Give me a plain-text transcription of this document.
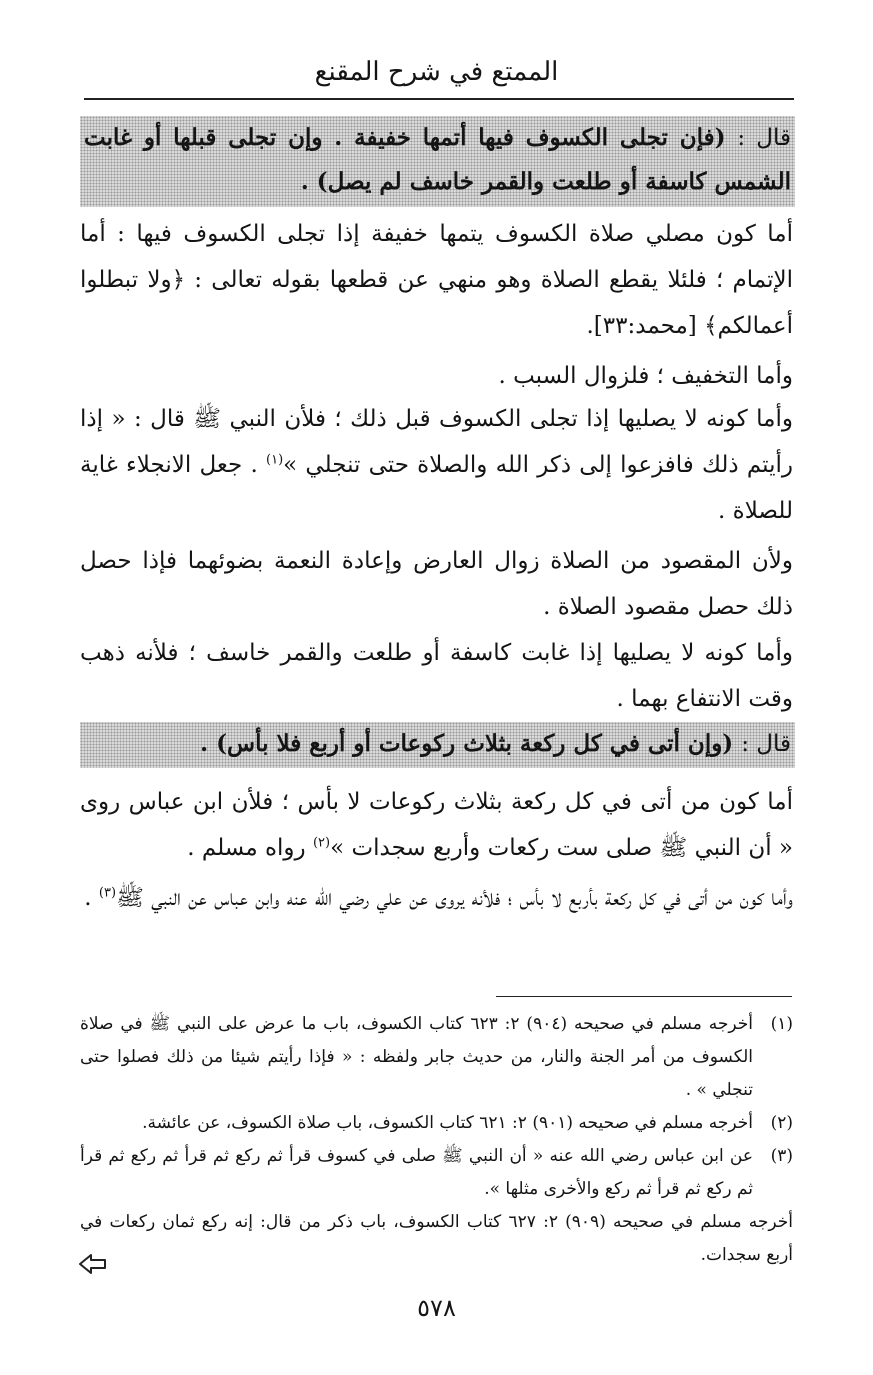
الممتع في شرح المقنع
قال : (فإن تجلى الكسوف فيها أتمها خفيفة . وإن تجلى قبلها أو غابت الشمس كاسفة أو طلعت والقمر خاسف لم يصل) .

أما كون مصلي صلاة الكسوف يتمها خفيفة إذا تجلى الكسوف فيها : أما الإتمام ؛ فلئلا يقطع الصلاة وهو منهي عن قطعها بقوله تعالى : ﴿ولا تبطلوا أعمالكم﴾ [محمد:٣٣].

وأما التخفيف ؛ فلزوال السبب .

وأما كونه لا يصليها إذا تجلى الكسوف قبل ذلك ؛ فلأن النبي ﷺ قال : « إذا رأيتم ذلك فافزعوا إلى ذكر الله والصلاة حتى تنجلي »$^{(١)}$ . جعل الانجلاء غاية للصلاة .

ولأن المقصود من الصلاة زوال العارض وإعادة النعمة بضوئهما فإذا حصل ذلك حصل مقصود الصلاة .

وأما كونه لا يصليها إذا غابت كاسفة أو طلعت والقمر خاسف ؛ فلأنه ذهب وقت الانتفاع بهما .

قال : (وإن أتى في كل ركعة بثلاث ركوعات أو أربع فلا بأس) .

أما كون من أتى في كل ركعة بثلاث ركوعات لا بأس ؛ فلأن ابن عباس روى « أن النبي ﷺ صلى ست ركعات وأربع سجدات »$^{(٢)}$ رواه مسلم .

وأما كون من أتى في كل ركعة بأربع لا بأس ؛ فلأنه يروى عن علي رضي الله عنه وابن عباس عن النبي ﷺ$^{(٣)}$ .

(١)
أخرجه مسلم في صحيحه (٩٠٤) ٢: ٦٢٣ كتاب الكسوف، باب ما عرض على النبي ﷺ في صلاة الكسوف من أمر الجنة والنار، من حديث جابر ولفظه : « فإذا رأيتم شيئا من ذلك فصلوا حتى تنجلي » .
(٢)
أخرجه مسلم في صحيحه (٩٠١) ٢: ٦٢١ كتاب الكسوف، باب صلاة الكسوف، عن عائشة.
(٣)
عن ابن عباس رضي الله عنه « أن النبي ﷺ صلى في كسوف قرأ ثم ركع ثم قرأ ثم ركع ثم قرأ ثم ركع ثم قرأ ثم ركع والأخرى مثلها ».
أخرجه مسلم في صحيحه (٩٠٩) ٢: ٦٢٧ كتاب الكسوف، باب ذكر من قال: إنه ركع ثمان ركعات في أربع سجدات.
٥٧٨
